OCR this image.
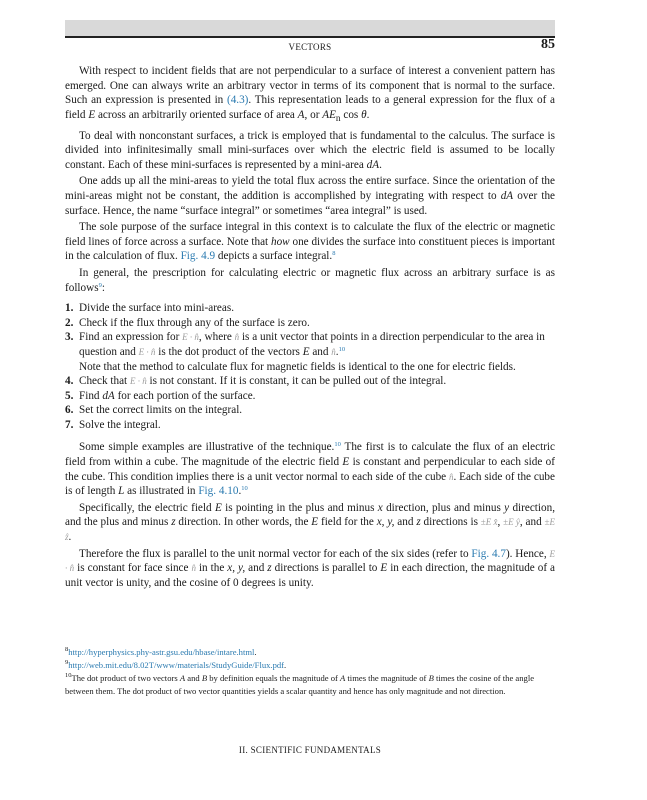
VECTORS	85

With respect to incident fields that are not perpendicular to a surface of interest a convenient pattern has emerged. One can always write an arbitrary vector in terms of its component that is normal to the surface. Such an expression is presented in (4.3). This representation leads to a general expression for the flux of a field E across an arbitrarily oriented surface of area A, or $AE_n$ cos θ.

To deal with nonconstant surfaces, a trick is employed that is fundamental to the calculus. The surface is divided into infinitesimally small mini-surfaces over which the electric field is assumed to be locally constant. Each of these mini-surfaces is represented by a mini-area dA.

One adds up all the mini-areas to yield the total flux across the entire surface. Since the orientation of the mini-areas might not be constant, the addition is accomplished by integrating with respect to dA over the surface. Hence, the name “surface integral” or sometimes “area integral” is used.

The sole purpose of the surface integral in this context is to calculate the flux of the electric or magnetic field lines of force across a surface. Note that how one divides the surface into constituent pieces is important in the calculation of flux. Fig. 4.9 depicts a surface integral.$^8$

In general, the prescription for calculating electric or magnetic flux across an arbitrary surface is as follows$^9$:

1. Divide the surface into mini-areas.
2. Check if the flux through any of the surface is zero.
3. Find an expression for E · n̂, where n̂ is a unit vector that points in a direction perpendicular to the area in question and E · n̂ is the dot product of the vectors E and n̂.$^{10}$
Note that the method to calculate flux for magnetic fields is identical to the one for electric fields.
4. Check that E · n̂ is not constant. If it is constant, it can be pulled out of the integral.
5. Find dA for each portion of the surface.
6. Set the correct limits on the integral.
7. Solve the integral.

Some simple examples are illustrative of the technique.$^{10}$ The first is to calculate the flux of an electric field from within a cube. The magnitude of the electric field E is constant and perpendicular to each side of the cube. This condition implies there is a unit vector normal to each side of the cube n̂. Each side of the cube is of length L as illustrated in Fig. 4.10.10

Specifically, the electric field E is pointing in the plus and minus x direction, plus and minus y direction, and the plus and minus z direction. In other words, the E field for the x, y, and z directions is ±E x̂, ±E ŷ, and ±E ẑ.

Therefore the flux is parallel to the unit normal vector for each of the six sides (refer to Fig. 4.7). Hence, E · n̂ is constant for face since n̂ in the x, y, and z directions is parallel to E in each direction, the magnitude of a unit vector is unity, and the cosine of 0 degrees is unity.

$^8$http://hyperphysics.phy-astr.gsu.edu/hbase/intare.html.
$^9$http://web.mit.edu/8.02T/www/materials/StudyGuide/Flux.pdf.
$^{10}$The dot product of two vectors A and B by definition equals the magnitude of A times the magnitude of B times the cosine of the angle between them. The dot product of two vector quantities yields a scalar quantity and hence has only magnitude and not direction.
II. SCIENTIFIC FUNDAMENTALS
